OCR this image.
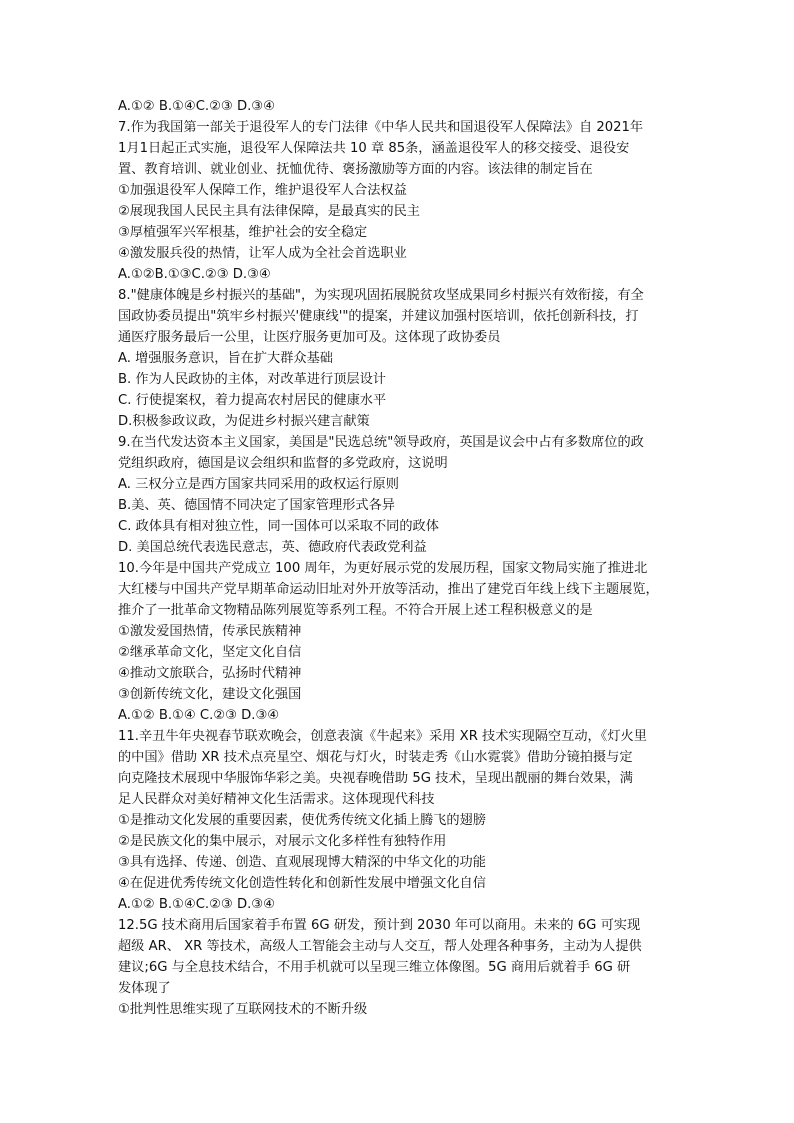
A.①② B.①④C.②③ D.③④
7.作为我国第一部关于退役军人的专门法律《中华人民共和国退役军人保障法》自 2021年
1月1日起正式实施，退役军人保障法共 10 章 85条，涵盖退役军人的移交接受、退役安
置、教育培训、就业创业、抚恤优待、褒扬激励等方面的内容。该法律的制定旨在
①加强退役军人保障工作，维护退役军人合法权益
②展现我国人民民主具有法律保障，是最真实的民主
③厚植强军兴军根基，维护社会的安全稳定
④激发服兵役的热情，让军人成为全社会首选职业
A.①②B.①③C.②③ D.③④
8."健康体魄是乡村振兴的基础"，为实现巩固拓展脱贫攻坚成果同乡村振兴有效衔接，有全
国政协委员提出"筑牢乡村振兴'健康线'"的提案，并建议加强村医培训，依托创新科技，打
通医疗服务最后一公里，让医疗服务更加可及。这体现了政协委员
A. 增强服务意识，旨在扩大群众基础
B. 作为人民政协的主体，对改革进行顶层设计
C. 行使提案权，着力提高农村居民的健康水平
D.积极参政议政，为促进乡村振兴建言献策
9.在当代发达资本主义国家，美国是"民选总统"领导政府，英国是议会中占有多数席位的政
党组织政府，德国是议会组织和监督的多党政府，这说明
A. 三权分立是西方国家共同采用的政权运行原则
B.美、英、德国情不同决定了国家管理形式各异
C. 政体具有相对独立性，同一国体可以采取不同的政体
D. 美国总统代表选民意志，英、德政府代表政党利益
10.今年是中国共产党成立 100 周年，为更好展示党的发展历程，国家文物局实施了推进北
大红楼与中国共产党早期革命运动旧址对外开放等活动，推出了建党百年线上线下主题展览，
推介了一批革命文物精品陈列展览等系列工程。不符合开展上述工程积极意义的是
①激发爱国热情，传承民族精神
②继承革命文化，坚定文化自信
④推动文旅联合，弘扬时代精神
③创新传统文化，建设文化强国
A.①② B.①④ C.②③ D.③④
11.辛丑牛年央视春节联欢晚会，创意表演《牛起来》采用 XR 技术实现隔空互动，《灯火里
的中国》借助 XR 技术点亮星空、烟花与灯火，时装走秀《山水霓裳》借助分镜拍摄与定
向克隆技术展现中华服饰华彩之美。央视春晚借助 5G 技术，呈现出靓丽的舞台效果，满
足人民群众对美好精神文化生活需求。这体现现代科技
①是推动文化发展的重要因素，使优秀传统文化插上腾飞的翅膀
②是民族文化的集中展示，对展示文化多样性有独特作用
③具有选择、传递、创造、直观展现博大精深的中华文化的功能
④在促进优秀传统文化创造性转化和创新性发展中增强文化自信
A.①② B.①④C.②③ D.③④
12.5G 技术商用后国家着手布置 6G 研发，预计到 2030 年可以商用。未来的 6G 可实现
超级 AR、 XR 等技术，高级人工智能会主动与人交互，帮人处理各种事务，主动为人提供
建议;6G 与全息技术结合，不用手机就可以呈现三维立体像图。5G 商用后就着手 6G 研
发体现了
①批判性思维实现了互联网技术的不断升级
